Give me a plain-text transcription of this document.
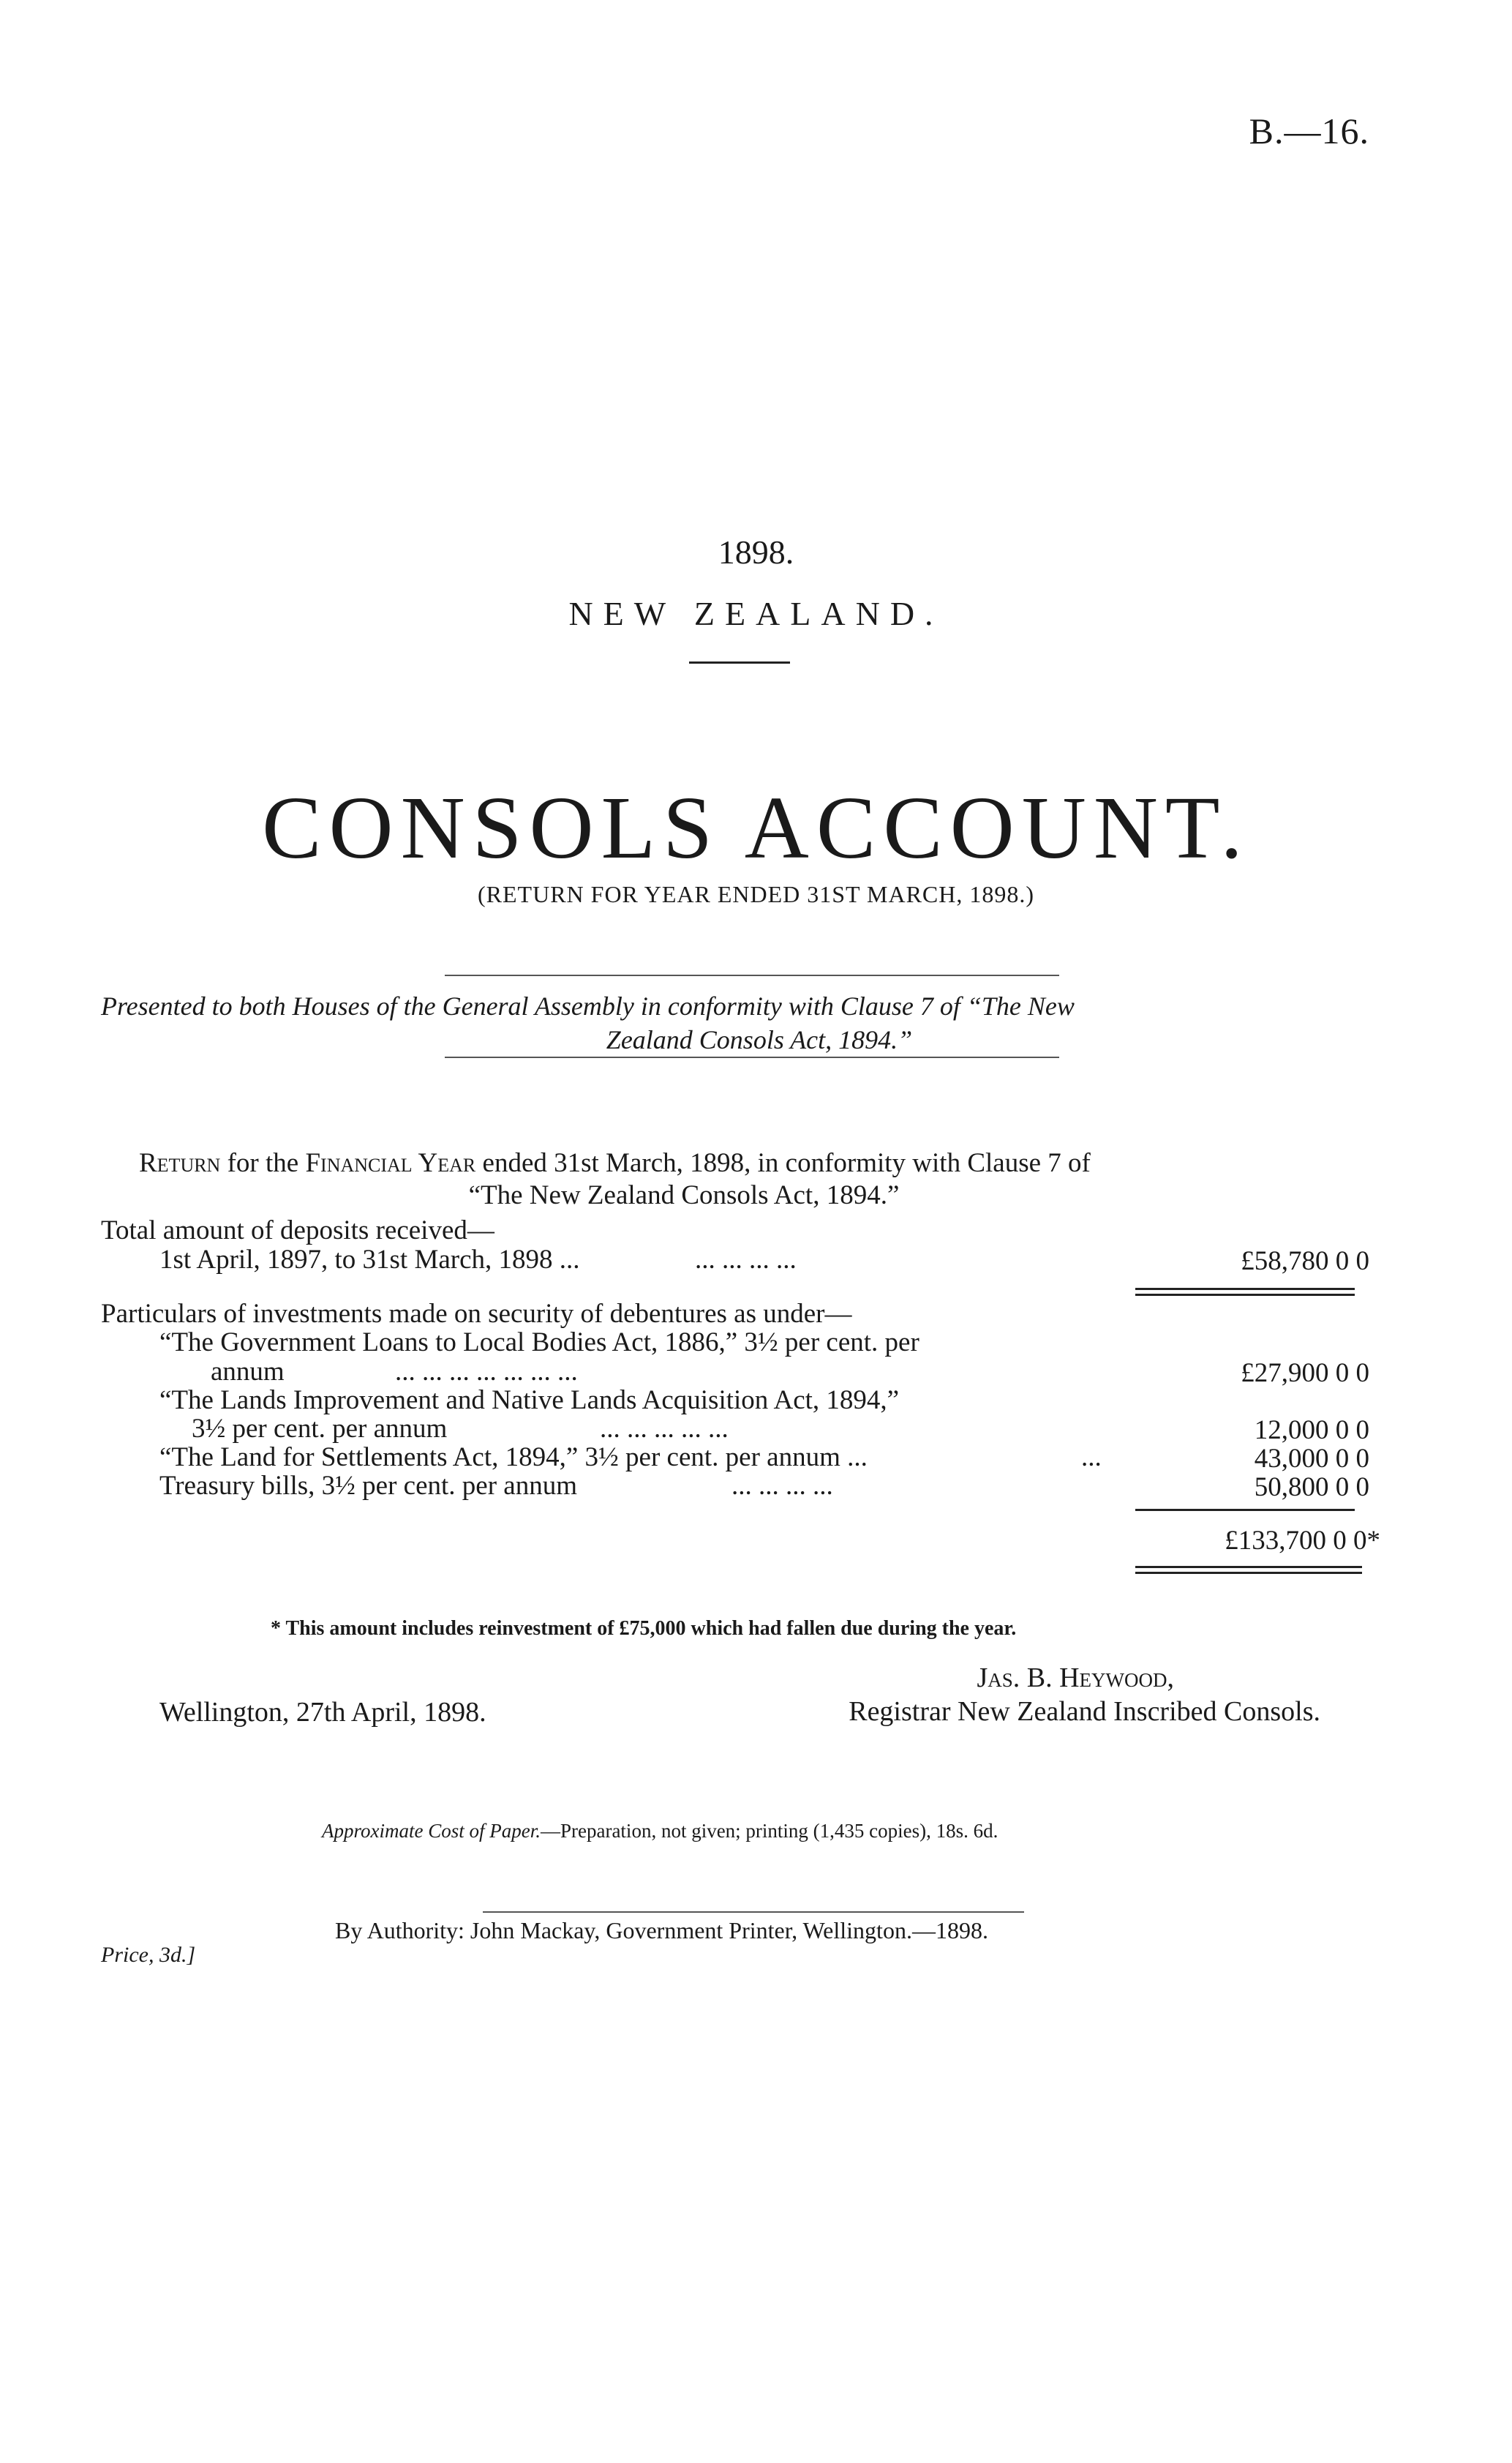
B.—16.
1898.
NEW ZEALAND.
CONSOLS ACCOUNT.
(RETURN FOR YEAR ENDED 31ST MARCH, 1898.)
Presented to both Houses of the General Assembly in conformity with Clause 7 of “The New
Zealand Consols Act, 1894.”
Return for the Financial Year ended 31st March, 1898, in conformity with Clause 7 of
“The New Zealand Consols Act, 1894.”
Total amount of deposits received—
1st April, 1897, to 31st March, 1898 ...	... ... ... ...	£58,780 0 0
Particulars of investments made on security of debentures as under—
“The Government Loans to Local Bodies Act, 1886,” 3½ per cent. per
annum	... ... ... ... ... ... ...	£27,900 0 0
“The Lands Improvement and Native Lands Acquisition Act, 1894,”
3½ per cent. per annum	... ... ... ... ...	12,000 0 0
“The Land for Settlements Act, 1894,” 3½ per cent. per annum ...	...	43,000 0 0
Treasury bills, 3½ per cent. per annum	... ... ... ...	50,800 0 0
£133,700 0 0*
* This amount includes reinvestment of £75,000 which had fallen due during the year.
Wellington, 27th April, 1898.
Jas. B. Heywood,
Registrar New Zealand Inscribed Consols.
Approximate Cost of Paper.—Preparation, not given; printing (1,435 copies), 18s. 6d.
Price, 3d.]
By Authority: John Mackay, Government Printer, Wellington.—1898.
